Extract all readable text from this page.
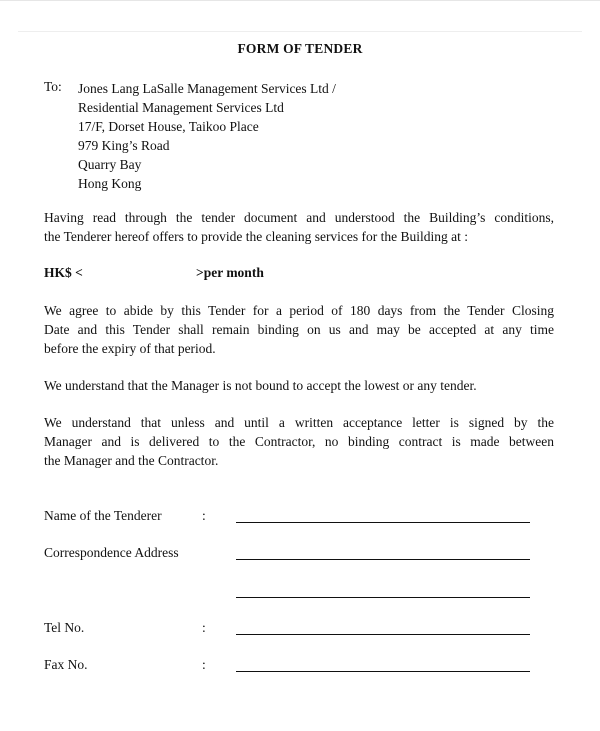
FORM OF TENDER
To: Jones Lang LaSalle Management Services Ltd /
Residential Management Services Ltd
17/F, Dorset House, Taikoo Place
979 King’s Road
Quarry Bay
Hong Kong
Having read through the tender document and understood the Building’s conditions,
the Tenderer hereof offers to provide the cleaning services for the Building at :
HK$ <	>per month
We agree to abide by this Tender for a period of 180 days from the Tender Closing
Date and this Tender shall remain binding on us and may be accepted at any time
before the expiry of that period.
We understand that the Manager is not bound to accept the lowest or any tender.
We understand that unless and until a written acceptance letter is signed by the
Manager and is delivered to the Contractor, no binding contract is made between
the Manager and the Contractor.
Name of the Tenderer	:
Correspondence Address
Tel No.	:
Fax No.	:
